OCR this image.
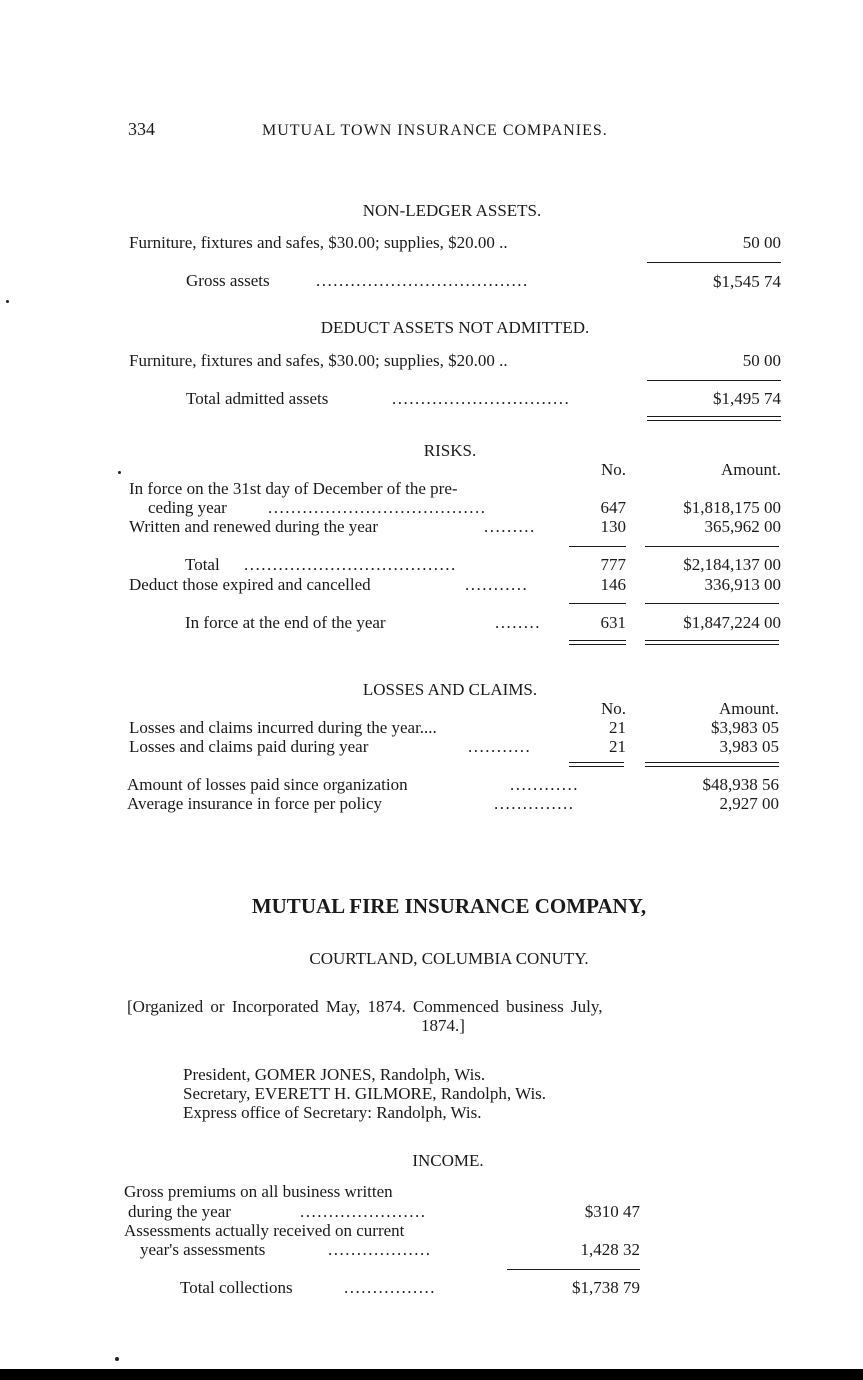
334	MUTUAL TOWN INSURANCE COMPANIES.
NON-LEDGER ASSETS.
Furniture, fixtures and safes, $30.00; supplies, $20.00 ..	50 00
Gross assets	.....................................	$1,545 74
DEDUCT ASSETS NOT ADMITTED.
Furniture, fixtures and safes, $30.00; supplies, $20.00 ..	50 00
Total admitted assets	...............................	$1,495 74
RISKS.
No.	Amount.
In force on the 31st day of December of the pre-
ceding year ......................................	647	$1,818,175 00
Written and renewed during the year	.........	130	365,962 00
Total .....................................	777	$2,184,137 00
Deduct those expired and cancelled	...........	146	336,913 00
In force at the end of the year	........	631	$1,847,224 00
LOSSES AND CLAIMS.
No.	Amount.
Losses and claims incurred during the year....	21	$3,983 05
Losses and claims paid during year	...........	21	3,983 05
Amount of losses paid since organization	............	$48,938 56
Average insurance in force per policy	..............	2,927 00
MUTUAL FIRE INSURANCE COMPANY,
COURTLAND, COLUMBIA CONUTY.
[Organized or Incorporated May, 1874. Commenced business July,
1874.]
President, GOMER JONES, Randolph, Wis.
Secretary, EVERETT H. GILMORE, Randolph, Wis.
Express office of Secretary: Randolph, Wis.
INCOME.
Gross premiums on all business written
during the year	......................	$310 47
Assessments actually received on current
year's assessments	..................	1,428 32
Total collections	................	$1,738 79
